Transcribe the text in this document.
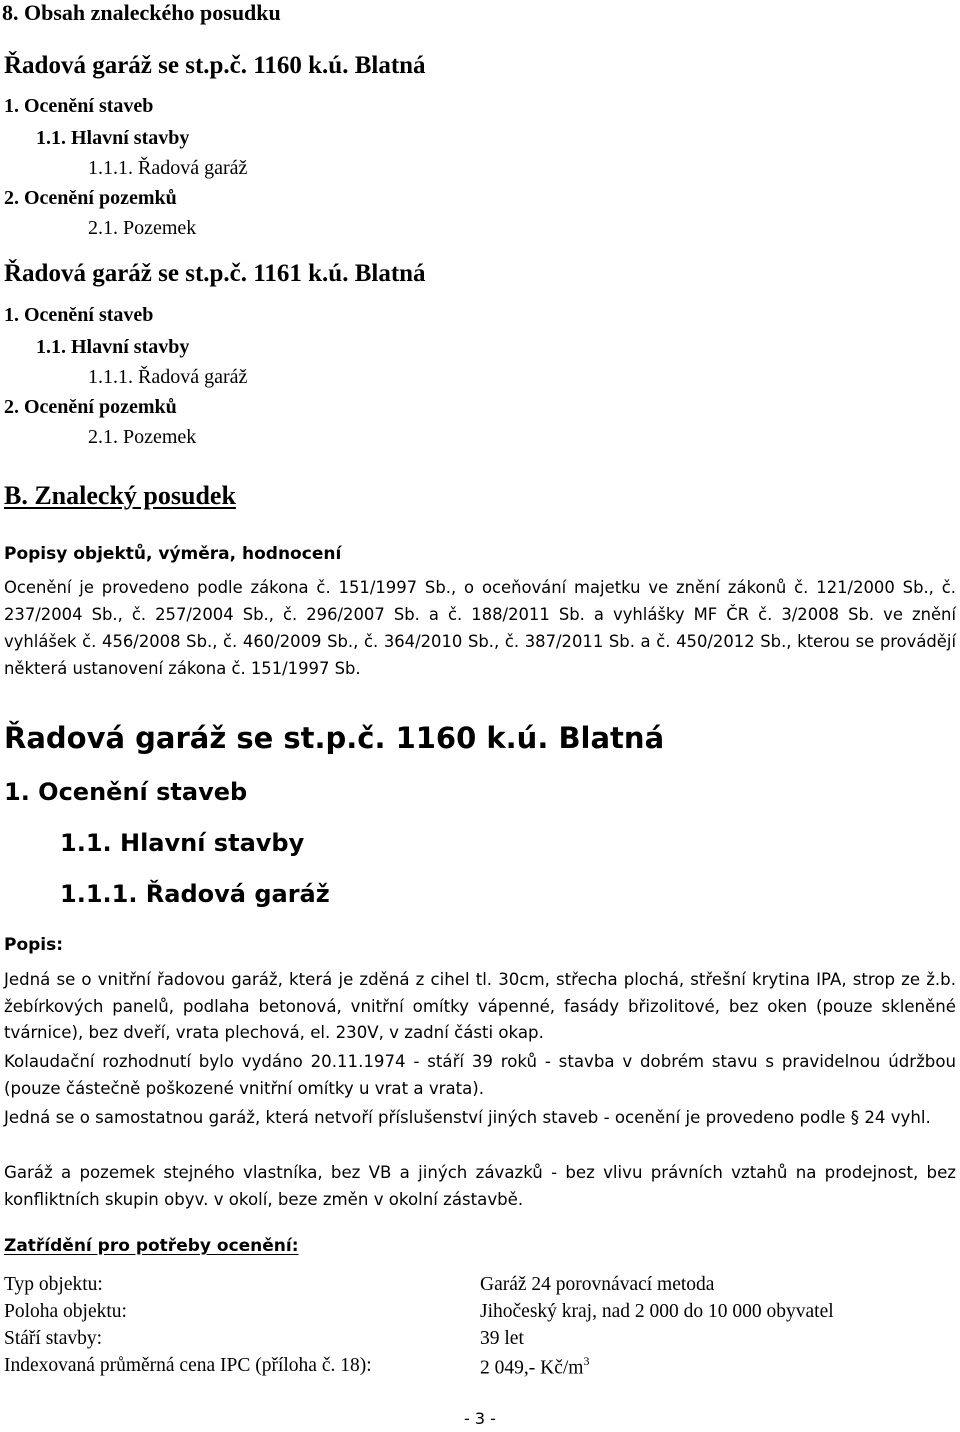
8. Obsah znaleckého posudku
Řadová garáž se st.p.č. 1160 k.ú. Blatná
1. Ocenění staveb
1.1. Hlavní stavby
1.1.1. Řadová garáž
2. Ocenění pozemků
2.1. Pozemek
Řadová garáž se st.p.č. 1161 k.ú. Blatná
1. Ocenění staveb
1.1. Hlavní stavby
1.1.1. Řadová garáž
2. Ocenění pozemků
2.1. Pozemek
B. Znalecký posudek
Popisy objektů, výměra, hodnocení
Ocenění je provedeno podle zákona č. 151/1997 Sb., o oceňování majetku ve znění zákonů č. 121/2000 Sb., č. 237/2004 Sb., č. 257/2004 Sb., č. 296/2007 Sb. a č. 188/2011 Sb. a vyhlášky MF ČR č. 3/2008 Sb. ve znění vyhlášek č. 456/2008 Sb., č. 460/2009 Sb., č. 364/2010 Sb., č. 387/2011 Sb. a č. 450/2012 Sb., kterou se provádějí některá ustanovení zákona č. 151/1997 Sb.
Řadová garáž se st.p.č. 1160 k.ú. Blatná
1. Ocenění staveb
1.1. Hlavní stavby
1.1.1. Řadová garáž
Popis:
Jedná se o vnitřní řadovou garáž, která je zděná z cihel tl. 30cm, střecha plochá, střešní krytina IPA, strop ze ž.b. žebírkových panelů, podlaha betonová, vnitřní omítky vápenné, fasády břizolitové, bez oken (pouze skleněné tvárnice), bez dveří, vrata plechová, el. 230V, v zadní části okap.
Kolaudační rozhodnutí bylo vydáno 20.11.1974 - stáří 39 roků - stavba v dobrém stavu s pravidelnou údržbou (pouze částečně poškozené vnitřní omítky u vrat a vrata).
Jedná se o samostatnou garáž, která netvoří příslušenství jiných staveb - ocenění je provedeno podle § 24 vyhl.
Garáž a pozemek stejného vlastníka, bez VB a jiných závazků - bez vlivu právních vztahů na prodejnost, bez konfliktních skupin obyv. v okolí, beze změn v okolní zástavbě.
Zatřídění pro potřeby ocenění:
Typ objektu:	Garáž 24 porovnávací metoda
Poloha objektu:	Jihočeský kraj, nad 2 000 do 10 000 obyvatel
Stáří stavby:	39 let
Indexovaná průměrná cena IPC (příloha č. 18):	2 049,- $Kč/m^3$
- 3 -
